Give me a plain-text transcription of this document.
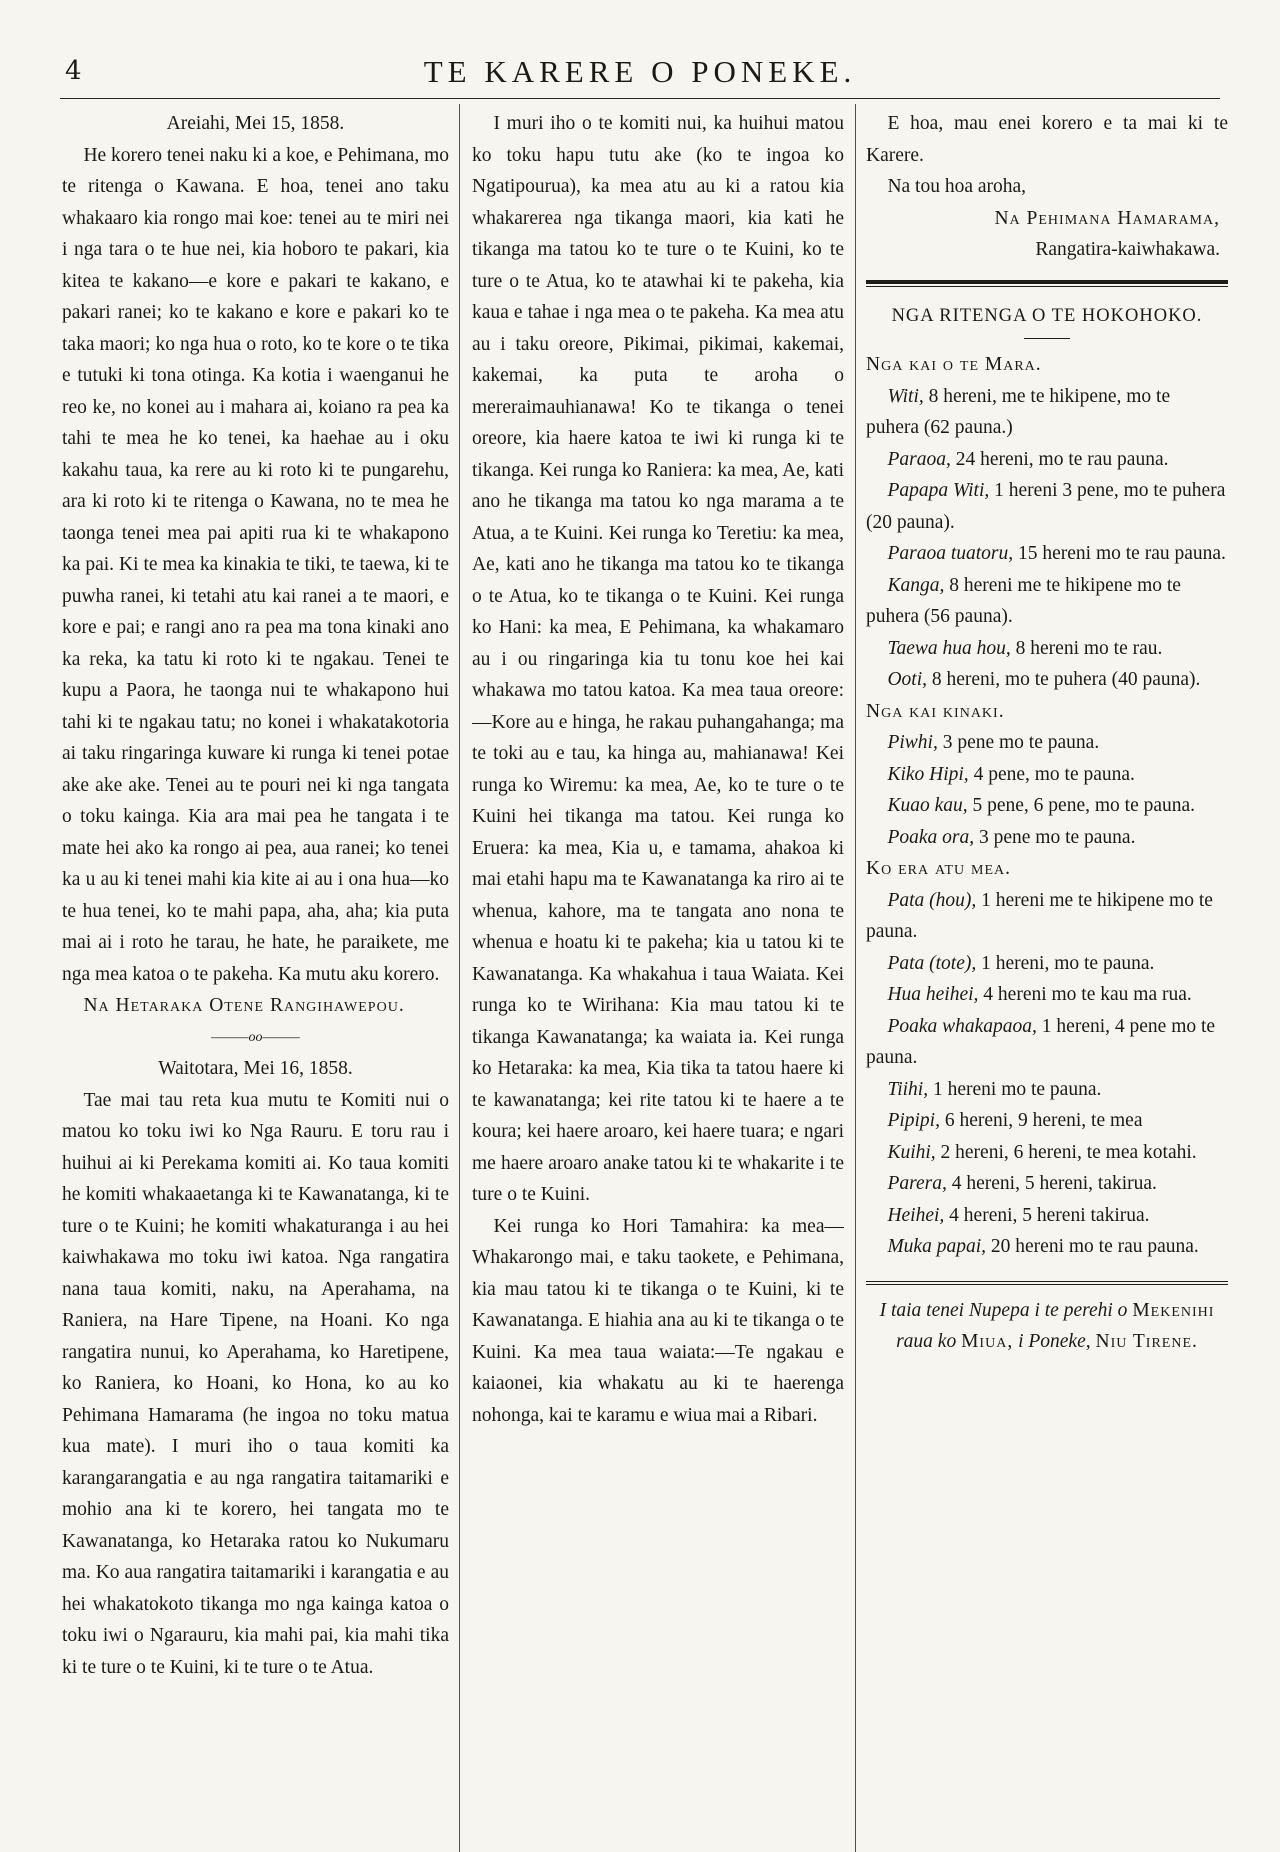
4	TE KARERE O PONEKE.

Areiahi, Mei 15, 1858.

He korero tenei naku ki a koe, e Pehimana, mo te ritenga o Kawana. E hoa, tenei ano taku whakaaro kia rongo mai koe: tenei au te miri nei i nga tara o te hue nei, kia hoboro te pakari, kia kitea te kakano—e kore e pakari te kakano, e pakari ranei; ko te kakano e kore e pakari ko te taka maori; ko nga hua o roto, ko te kore o te tika e tutuki ki tona otinga. Ka kotia i waenganui he reo ke, no konei au i mahara ai, koiano ra pea ka tahi te mea he ko tenei, ka haehae au i oku kakahu taua, ka rere au ki roto ki te pungarehu, ara ki roto ki te ritenga o Kawana, no te mea he taonga tenei mea pai apiti rua ki te whakapono ka pai. Ki te mea ka kinakia te tiki, te taewa, ki te puwha ranei, ki tetahi atu kai ranei a te maori, e kore e pai; e rangi ano ra pea ma tona kinaki ano ka reka, ka tatu ki roto ki te ngakau. Tenei te kupu a Paora, he taonga nui te whakapono hui tahi ki te ngakau tatu; no konei i whakatakotoria ai taku ringaringa kuware ki runga ki tenei potae ake ake ake. Tenei au te pouri nei ki nga tangata o toku kainga. Kia ara mai pea he tangata i te mate hei ako ka rongo ai pea, aua ranei; ko tenei ka u au ki tenei mahi kia kite ai au i ona hua—ko te hua tenei, ko te mahi papa, aha, aha; kia puta mai ai i roto he tarau, he hate, he paraikete, me nga mea katoa o te pakeha. Ka mutu aku korero.

Na Hetaraka Otene Rangihawepou.

———oo———

Waitotara, Mei 16, 1858.

Tae mai tau reta kua mutu te Komiti nui o matou ko toku iwi ko Nga Rauru. E toru rau i huihui ai ki Perekama komiti ai. Ko taua komiti he komiti whakaaetanga ki te Kawanatanga, ki te ture o te Kuini; he komiti whakaturanga i au hei kaiwhakawa mo toku iwi katoa. Nga rangatira nana taua komiti, naku, na Aperahama, na Raniera, na Hare Tipene, na Hoani. Ko nga rangatira nunui, ko Aperahama, ko Haretipene, ko Raniera, ko Hoani, ko Hona, ko au ko Pehimana Hamarama (he ingoa no toku matua kua mate). I muri iho o taua komiti ka karangarangatia e au nga rangatira taitamariki e mohio ana ki te korero, hei tangata mo te Kawanatanga, ko Hetaraka ratou ko Nukumaru ma. Ko aua rangatira taitamariki i karangatia e au hei whakatokoto tikanga mo nga kainga katoa o toku iwi o Ngarauru, kia mahi pai, kia mahi tika ki te ture o te Kuini, ki te ture o te Atua.

I muri iho o te komiti nui, ka huihui matou ko toku hapu tutu ake (ko te ingoa ko Ngatipourua), ka mea atu au ki a ratou kia whakarerea nga tikanga maori, kia kati he tikanga ma tatou ko te ture o te Kuini, ko te ture o te Atua, ko te atawhai ki te pakeha, kia kaua e tahae i nga mea o te pakeha. Ka mea atu au i taku oreore, Pikimai, pikimai, kakemai, kakemai, ka puta te aroha o mereraimauhianawa! Ko te tikanga o tenei oreore, kia haere katoa te iwi ki runga ki te tikanga. Kei runga ko Raniera: ka mea, Ae, kati ano he tikanga ma tatou ko nga marama a te Atua, a te Kuini. Kei runga ko Teretiu: ka mea, Ae, kati ano he tikanga ma tatou ko te tikanga o te Atua, ko te tikanga o te Kuini. Kei runga ko Hani: ka mea, E Pehimana, ka whakamaro au i ou ringaringa kia tu tonu koe hei kai whakawa mo tatou katoa. Ka mea taua oreore:—Kore au e hinga, he rakau puhangahanga; ma te toki au e tau, ka hinga au, mahianawa! Kei runga ko Wiremu: ka mea, Ae, ko te ture o te Kuini hei tikanga ma tatou. Kei runga ko Eruera: ka mea, Kia u, e tamama, ahakoa ki mai etahi hapu ma te Kawanatanga ka riro ai te whenua, kahore, ma te tangata ano nona te whenua e hoatu ki te pakeha; kia u tatou ki te Kawanatanga. Ka whakahua i taua Waiata. Kei runga ko te Wirihana: Kia mau tatou ki te tikanga Kawanatanga; ka waiata ia. Kei runga ko Hetaraka: ka mea, Kia tika ta tatou haere ki te kawanatanga; kei rite tatou ki te haere a te koura; kei haere aroaro, kei haere tuara; e ngari me haere aroaro anake tatou ki te whakarite i te ture o te Kuini.

Kei runga ko Hori Tamahira: ka mea—Whakarongo mai, e taku taokete, e Pehimana, kia mau tatou ki te tikanga o te Kuini, ki te Kawanatanga. E hiahia ana au ki te tikanga o te Kuini. Ka mea taua waiata:—Te ngakau e kaiaonei, kia whakatu au ki te haerenga nohonga, kai te karamu e wiua mai a Ribari.

E hoa, mau enei korero e ta mai ki te Karere.

Na tou hoa aroha,

Na Pehimana Hamarama,

Rangatira-kaiwhakawa.

NGA RITENGA O TE HOKOHOKO.

Nga kai o te Mara.

Witi, 8 hereni, me te hikipene, mo te puhera (62 pauna.)

Paraoa, 24 hereni, mo te rau pauna.

Papapa Witi, 1 hereni 3 pene, mo te puhera (20 pauna).

Paraoa tuatoru, 15 hereni mo te rau pauna.

Kanga, 8 hereni me te hikipene mo te puhera (56 pauna).

Taewa hua hou, 8 hereni mo te rau.

Ooti, 8 hereni, mo te puhera (40 pauna).

Nga kai kinaki.

Piwhi, 3 pene mo te pauna.

Kiko Hipi, 4 pene, mo te pauna.

Kuao kau, 5 pene, 6 pene, mo te pauna.

Poaka ora, 3 pene mo te pauna.

Ko era atu mea.

Pata (hou), 1 hereni me te hikipene mo te pauna.

Pata (tote), 1 hereni, mo te pauna.

Hua heihei, 4 hereni mo te kau ma rua.

Poaka whakapaoa, 1 hereni, 4 pene mo te pauna.

Tiihi, 1 hereni mo te pauna.

Pipipi, 6 hereni, 9 hereni, te mea

Kuihi, 2 hereni, 6 hereni, te mea kotahi.

Parera, 4 hereni, 5 hereni, takirua.

Heihei, 4 hereni, 5 hereni takirua.

Muka papai, 20 hereni mo te rau pauna.

I taia tenei Nupepa i te perehi o Mekenihi raua ko Miua, i Poneke, Niu Tirene.
